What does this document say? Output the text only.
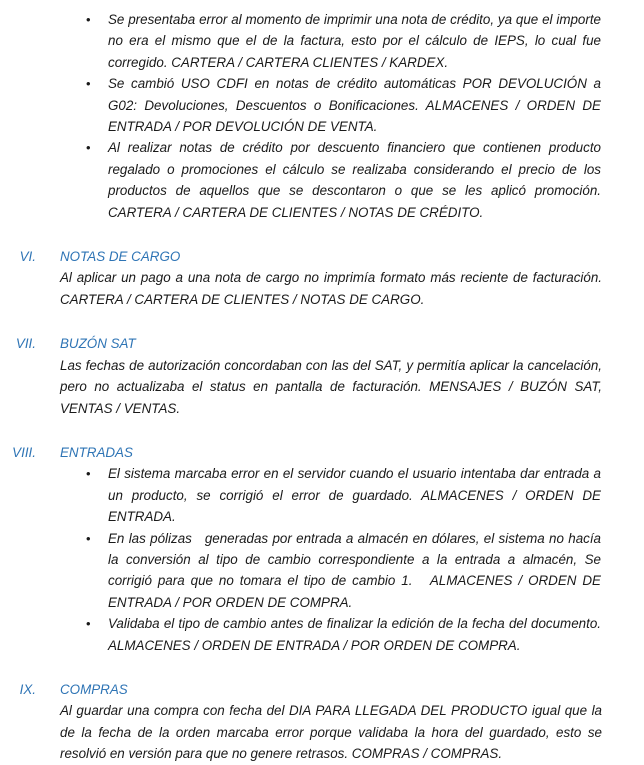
• Se presentaba error al momento de imprimir una nota de crédito, ya que el importe no era el mismo que el de la factura, esto por el cálculo de IEPS, lo cual fue corregido. CARTERA / CARTERA CLIENTES / KARDEX.
• Se cambió USO CDFI en notas de crédito automáticas POR DEVOLUCIÓN a G02: Devoluciones, Descuentos o Bonificaciones. ALMACENES / ORDEN DE ENTRADA / POR DEVOLUCIÓN DE VENTA.
• Al realizar notas de crédito por descuento financiero que contienen producto regalado o promociones el cálculo se realizaba considerando el precio de los productos de aquellos que se descontaron o que se les aplicó promoción. CARTERA / CARTERA DE CLIENTES / NOTAS DE CRÉDITO.
VI.	NOTAS DE CARGO
Al aplicar un pago a una nota de cargo no imprimía formato más reciente de facturación. CARTERA / CARTERA DE CLIENTES / NOTAS DE CARGO.
VII.	BUZÓN SAT
Las fechas de autorización concordaban con las del SAT, y permitía aplicar la cancelación, pero no actualizaba el status en pantalla de facturación. MENSAJES / BUZÓN SAT, VENTAS / VENTAS.
VIII.	ENTRADAS
• El sistema marcaba error en el servidor cuando el usuario intentaba dar entrada a un producto, se corrigió el error de guardado. ALMACENES / ORDEN DE ENTRADA.
• En las pólizas   generadas por entrada a almacén en dólares, el sistema no hacía la conversión al tipo de cambio correspondiente a la entrada a almacén, Se corrigió para que no tomara el tipo de cambio 1.   ALMACENES / ORDEN DE ENTRADA / POR ORDEN DE COMPRA.
• Validaba el tipo de cambio antes de finalizar la edición de la fecha del documento. ALMACENES / ORDEN DE ENTRADA / POR ORDEN DE COMPRA.
IX.	COMPRAS
Al guardar una compra con fecha del DIA PARA LLEGADA DEL PRODUCTO igual que la de la fecha de la orden marcaba error porque validaba la hora del guardado, esto se resolvió en versión para que no genere retrasos. COMPRAS / COMPRAS.
